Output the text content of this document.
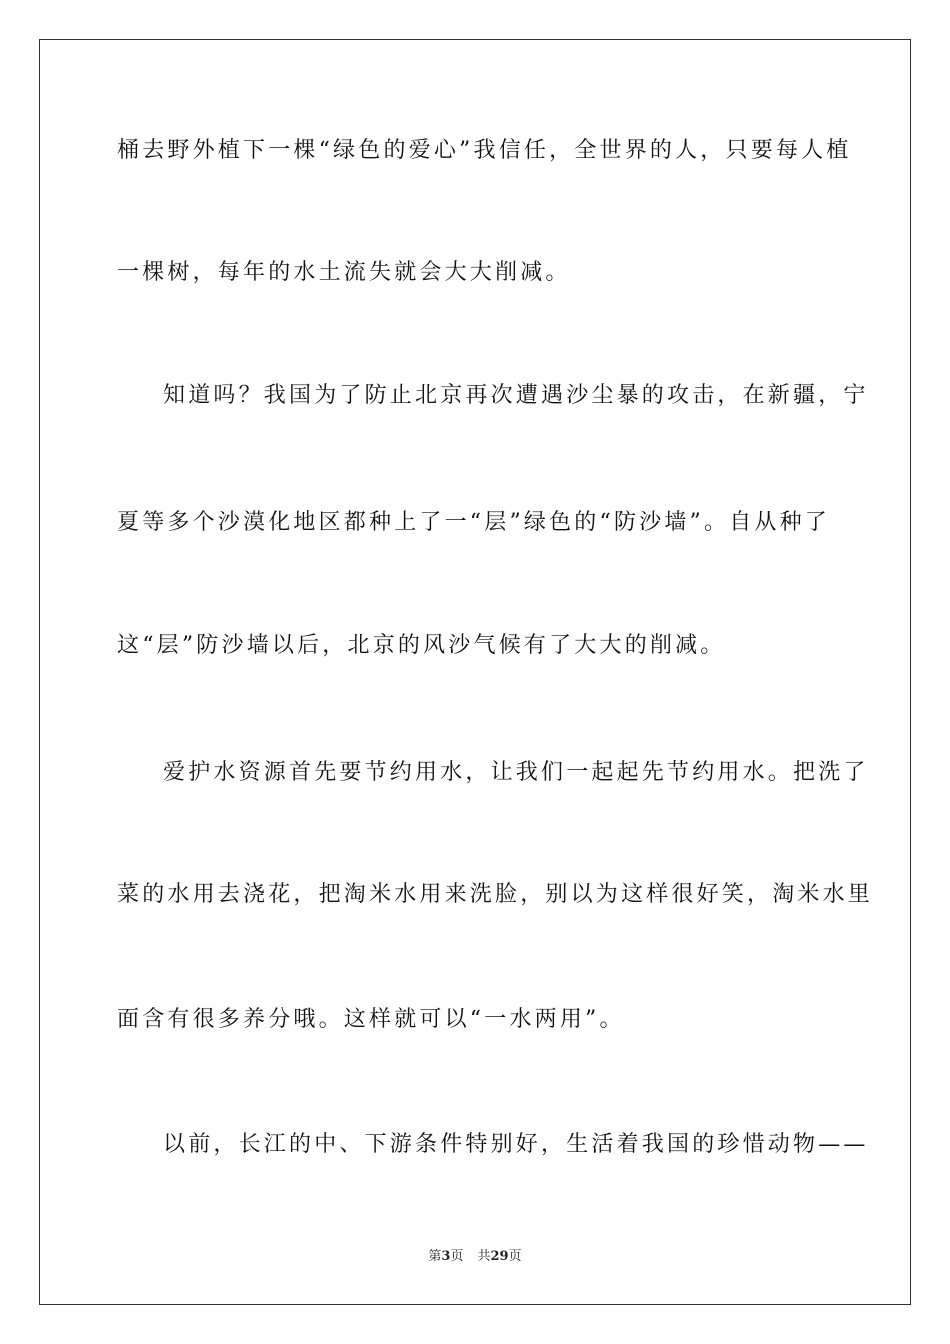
桶去野外植下一棵“绿色的爱心”我信任，全世界的人，只要每人植
一棵树，每年的水土流失就会大大削减。
知道吗？我国为了防止北京再次遭遇沙尘暴的攻击，在新疆，宁
夏等多个沙漠化地区都种上了一“层”绿色的“防沙墙”。自从种了
这“层”防沙墙以后，北京的风沙气候有了大大的削减。
爱护水资源首先要节约用水，让我们一起起先节约用水。把洗了
菜的水用去浇花，把淘米水用来洗脸，别以为这样很好笑，淘米水里
面含有很多养分哦。这样就可以“一水两用”。
以前，长江的中、下游条件特别好，生活着我国的珍惜动物——
第3页 共29页
